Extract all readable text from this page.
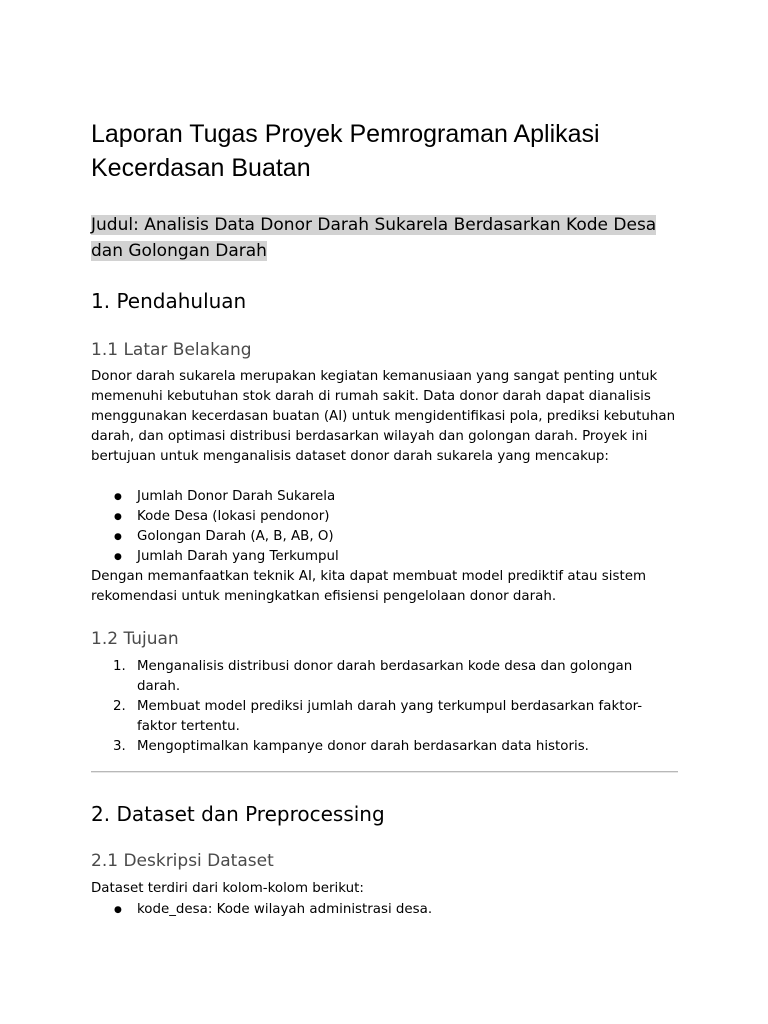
Laporan Tugas Proyek Pemrograman Aplikasi Kecerdasan Buatan

Judul: Analisis Data Donor Darah Sukarela Berdasarkan Kode Desa dan Golongan Darah

1. Pendahuluan
1.1 Latar Belakang

Donor darah sukarela merupakan kegiatan kemanusiaan yang sangat penting untuk memenuhi kebutuhan stok darah di rumah sakit. Data donor darah dapat dianalisis menggunakan kecerdasan buatan (AI) untuk mengidentifikasi pola, prediksi kebutuhan darah, dan optimasi distribusi berdasarkan wilayah dan golongan darah. Proyek ini bertujuan untuk menganalisis dataset donor darah sukarela yang mencakup:

● Jumlah Donor Darah Sukarela
● Kode Desa (lokasi pendonor)
● Golongan Darah (A, B, AB, O)
● Jumlah Darah yang Terkumpul

Dengan memanfaatkan teknik AI, kita dapat membuat model prediktif atau sistem rekomendasi untuk meningkatkan efisiensi pengelolaan donor darah.

1.2 Tujuan
1. Menganalisis distribusi donor darah berdasarkan kode desa dan golongan darah.
2. Membuat model prediksi jumlah darah yang terkumpul berdasarkan faktor-faktor tertentu.
3. Mengoptimalkan kampanye donor darah berdasarkan data historis.
2. Dataset dan Preprocessing
2.1 Deskripsi Dataset

Dataset terdiri dari kolom-kolom berikut:

● kode_desa: Kode wilayah administrasi desa.
